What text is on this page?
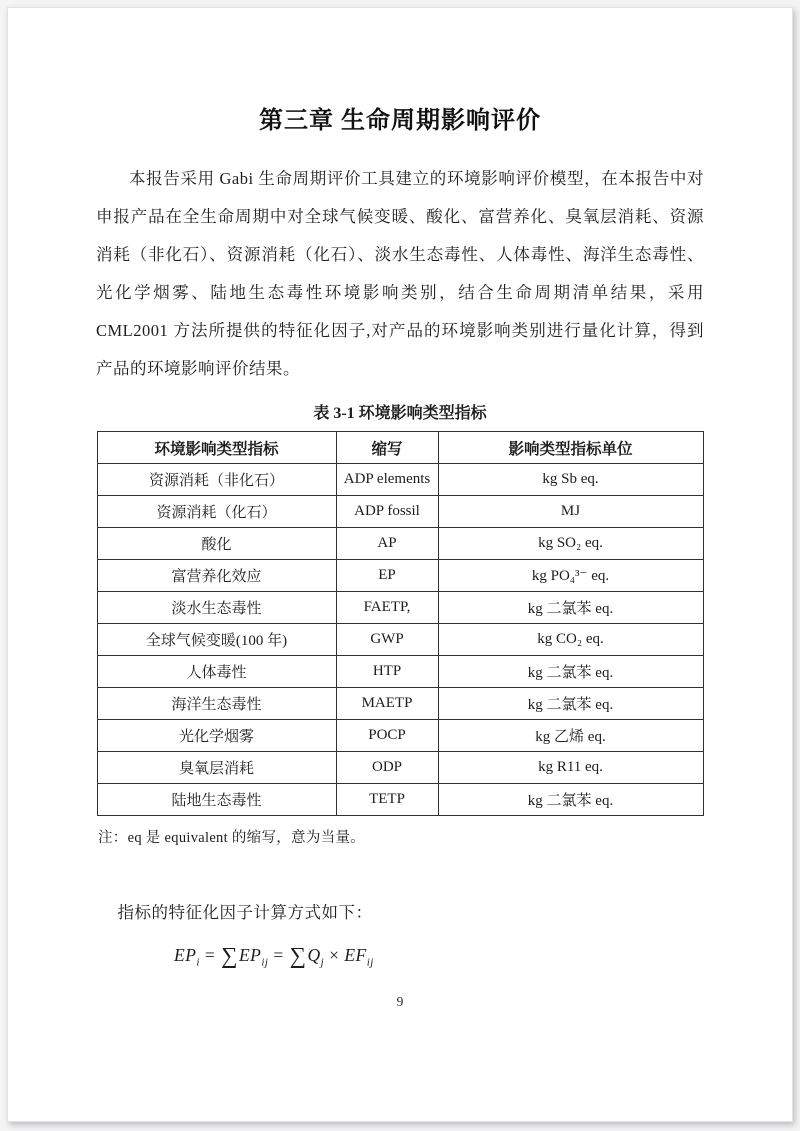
第三章 生命周期影响评价

本报告采用 Gabi 生命周期评价工具建立的环境影响评价模型，在本报告中对申报产品在全生命周期中对全球气候变暖、酸化、富营养化、臭氧层消耗、资源消耗（非化石）、资源消耗（化石）、淡水生态毒性、人体毒性、海洋生态毒性、光化学烟雾、陆地生态毒性环境影响类别，结合生命周期清单结果，采用 CML2001 方法所提供的特征化因子,对产品的环境影响类别进行量化计算，得到产品的环境影响评价结果。

表 3-1 环境影响类型指标
环境影响类型指标	缩写	影响类型指标单位
资源消耗（非化石）	ADP elements	kg Sb eq.
资源消耗（化石）	ADP fossil	MJ
酸化	AP	kg SO₂ eq.
富营养化效应	EP	kg PO₄³⁻ eq.
淡水生态毒性	FAETP,	kg 二氯苯 eq.
全球气候变暖(100 年)	GWP	kg CO₂ eq.
人体毒性	HTP	kg 二氯苯 eq.
海洋生态毒性	MAETP	kg 二氯苯 eq.
光化学烟雾	POCP	kg 乙烯 eq.
臭氧层消耗	ODP	kg R11 eq.
陆地生态毒性	TETP	kg 二氯苯 eq.
注：eq 是 equivalent 的缩写，意为当量。

指标的特征化因子计算方式如下：

$EP_i = \sum EP_{ij} = \sum Q_j \times EF_{ij}$
9
